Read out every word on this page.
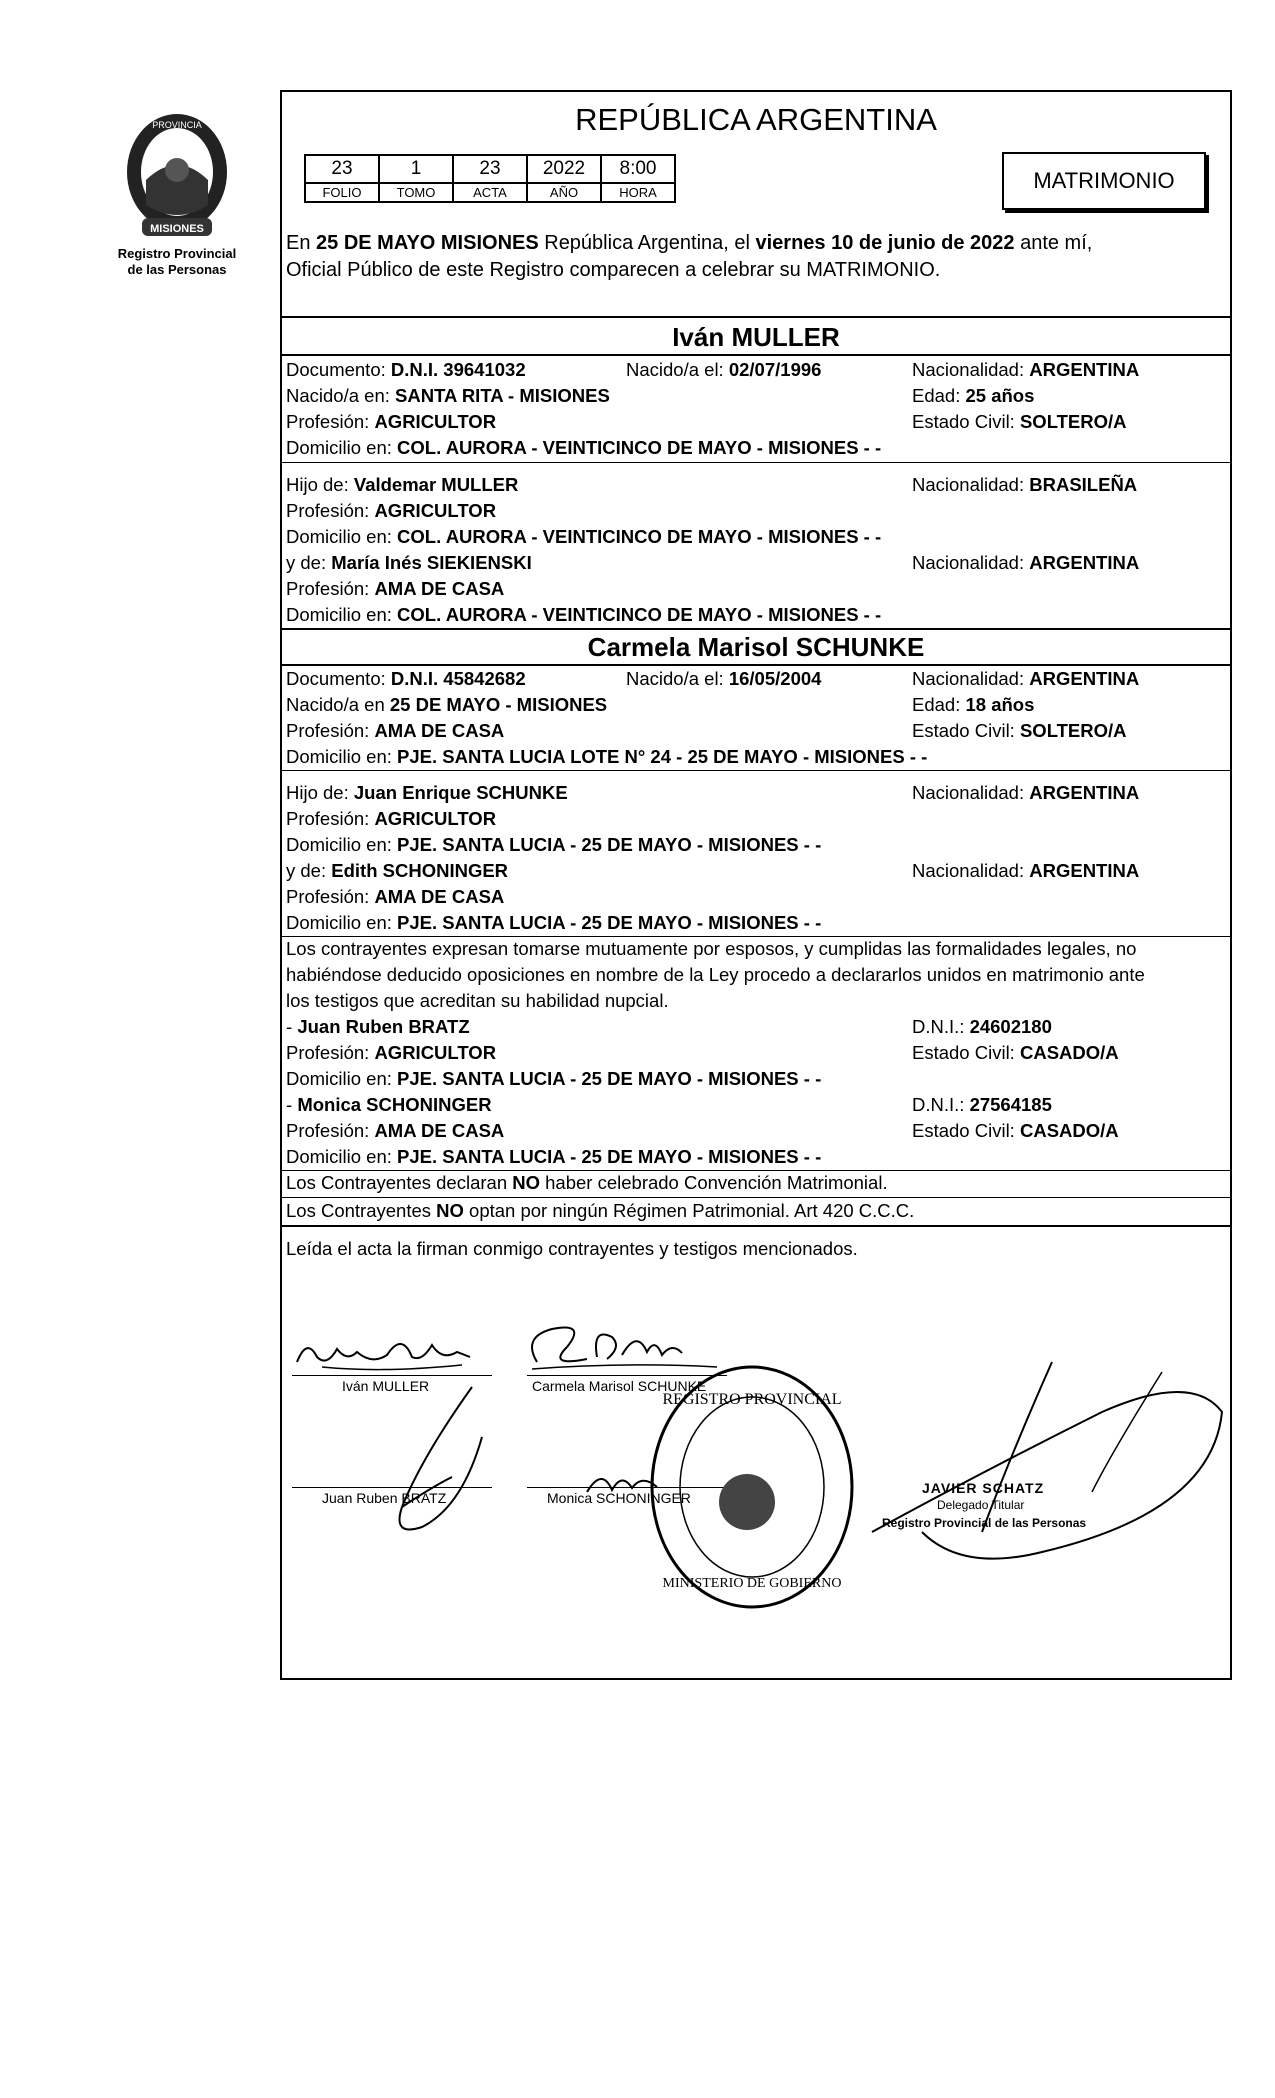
MISIONES
PROVINCIA
Registro Provincial
de las Personas
REPÚBLICA ARGENTINA
23	1	23	2022	8:00
FOLIO	TOMO	ACTA	AÑO	HORA	MATRIMONIO
En 25 DE MAYO MISIONES República Argentina, el viernes 10 de junio de 2022 ante mí,
Oficial Público de este Registro comparecen a celebrar su MATRIMONIO.
Iván MULLER
Documento: D.N.I. 39641032	Nacido/a el: 02/07/1996	Nacionalidad: ARGENTINA
Nacido/a en: SANTA RITA - MISIONES	Edad: 25 años
Profesión: AGRICULTOR	Estado Civil: SOLTERO/A
Domicilio en: COL. AURORA - VEINTICINCO DE MAYO - MISIONES - -
Hijo de: Valdemar MULLER	Nacionalidad: BRASILEÑA
Profesión: AGRICULTOR
Domicilio en: COL. AURORA - VEINTICINCO DE MAYO - MISIONES - -
y de: María Inés SIEKIENSKI	Nacionalidad: ARGENTINA
Profesión: AMA DE CASA
Domicilio en: COL. AURORA - VEINTICINCO DE MAYO - MISIONES - -
Carmela Marisol SCHUNKE
Documento: D.N.I. 45842682	Nacido/a el: 16/05/2004	Nacionalidad: ARGENTINA
Nacido/a en 25 DE MAYO - MISIONES	Edad: 18 años
Profesión: AMA DE CASA	Estado Civil: SOLTERO/A
Domicilio en: PJE. SANTA LUCIA LOTE N° 24 - 25 DE MAYO - MISIONES - -
Hijo de: Juan Enrique SCHUNKE	Nacionalidad: ARGENTINA
Profesión: AGRICULTOR
Domicilio en: PJE. SANTA LUCIA - 25 DE MAYO - MISIONES - -
y de: Edith SCHONINGER	Nacionalidad: ARGENTINA
Profesión: AMA DE CASA
Domicilio en: PJE. SANTA LUCIA - 25 DE MAYO - MISIONES - -
Los contrayentes expresan tomarse mutuamente por esposos, y cumplidas las formalidades legales, no
habiéndose deducido oposiciones en nombre de la Ley procedo a declararlos unidos en matrimonio ante
los testigos que acreditan su habilidad nupcial.
- Juan Ruben BRATZ	D.N.I.: 24602180
Profesión: AGRICULTOR	Estado Civil: CASADO/A
Domicilio en: PJE. SANTA LUCIA - 25 DE MAYO - MISIONES - -
- Monica SCHONINGER	D.N.I.: 27564185
Profesión: AMA DE CASA	Estado Civil: CASADO/A
Domicilio en: PJE. SANTA LUCIA - 25 DE MAYO - MISIONES - -
Los Contrayentes declaran NO haber celebrado Convención Matrimonial.
Los Contrayentes NO optan por ningún Régimen Patrimonial. Art 420 C.C.C.
Leída el acta la firman conmigo contrayentes y testigos mencionados.
Iván MULLER	Carmela Marisol SCHUNKE
Juan Ruben BRATZ	Monica SCHONINGER
REGISTRO PROVINCIAL
MINISTERIO DE GOBIERNO
JAVIER SCHATZ
Delegado Titular
Registro Provincial de las Personas
